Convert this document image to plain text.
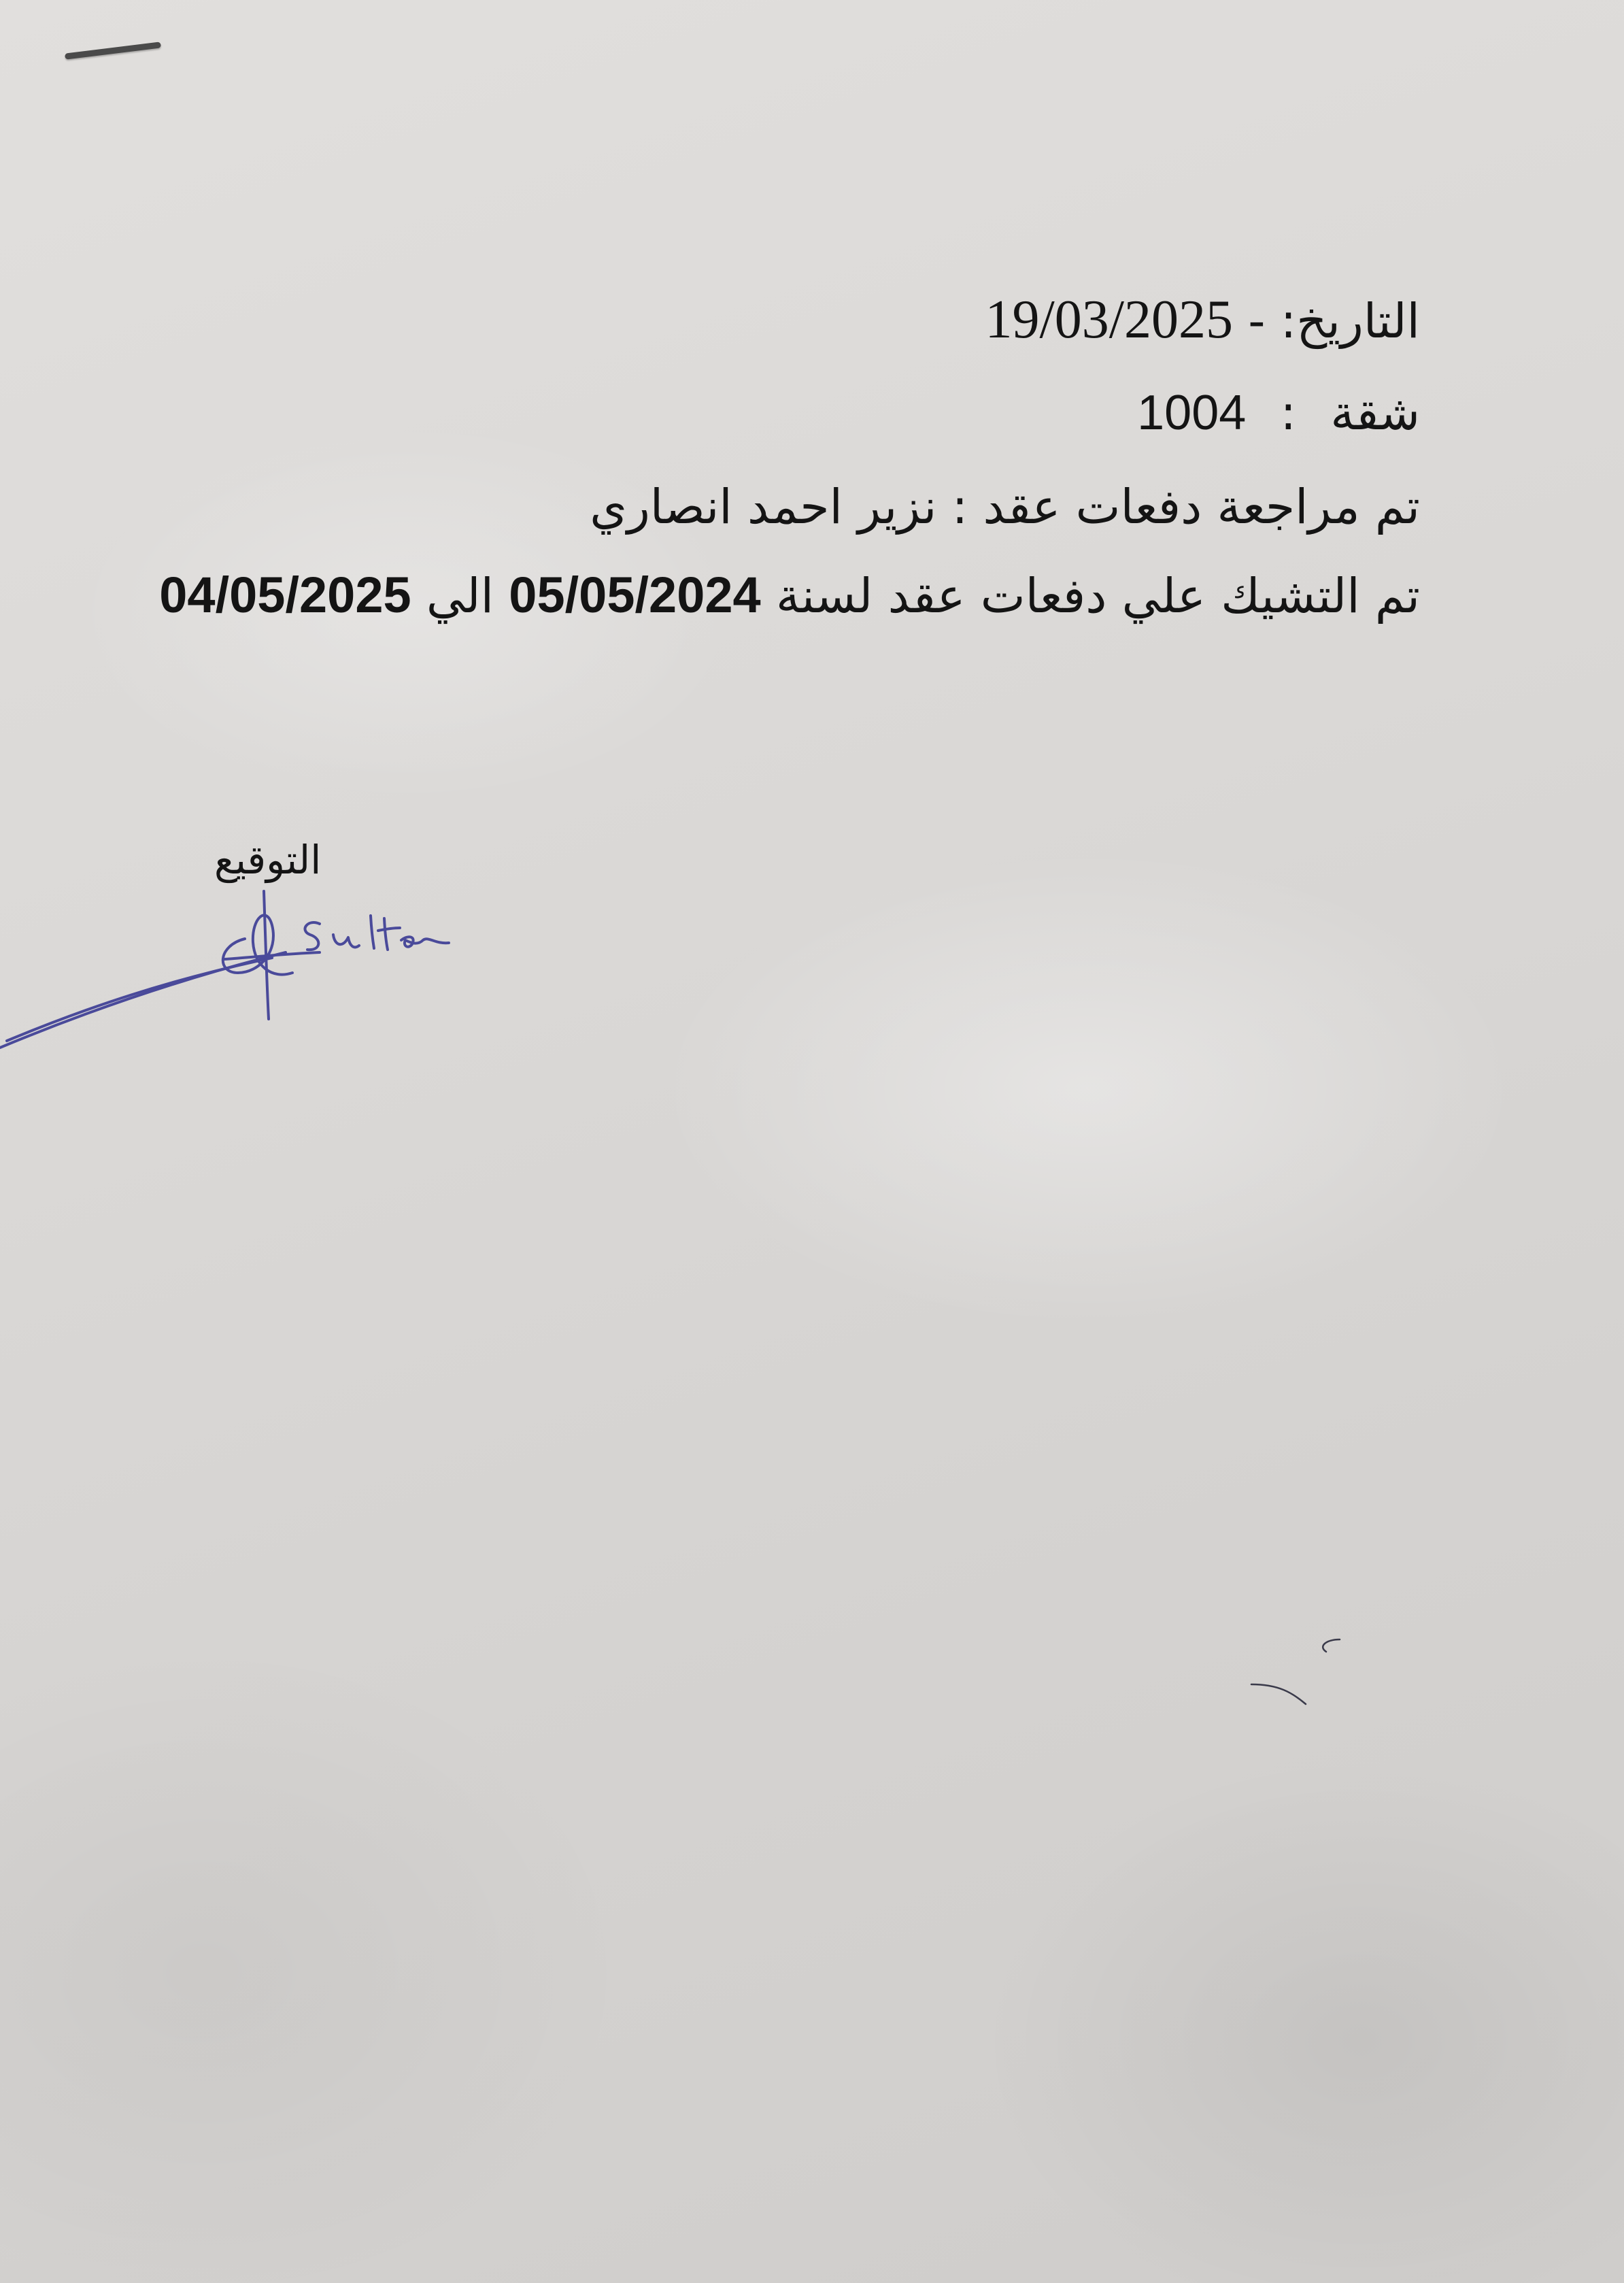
التاريخ: - 19/03/2025
شقة : 1004
تم مراجعة دفعات عقد : نزير احمد انصاري
تم التشيك علي دفعات عقد لسنة 05/05/2024 الي 04/05/2025
التوقيع
